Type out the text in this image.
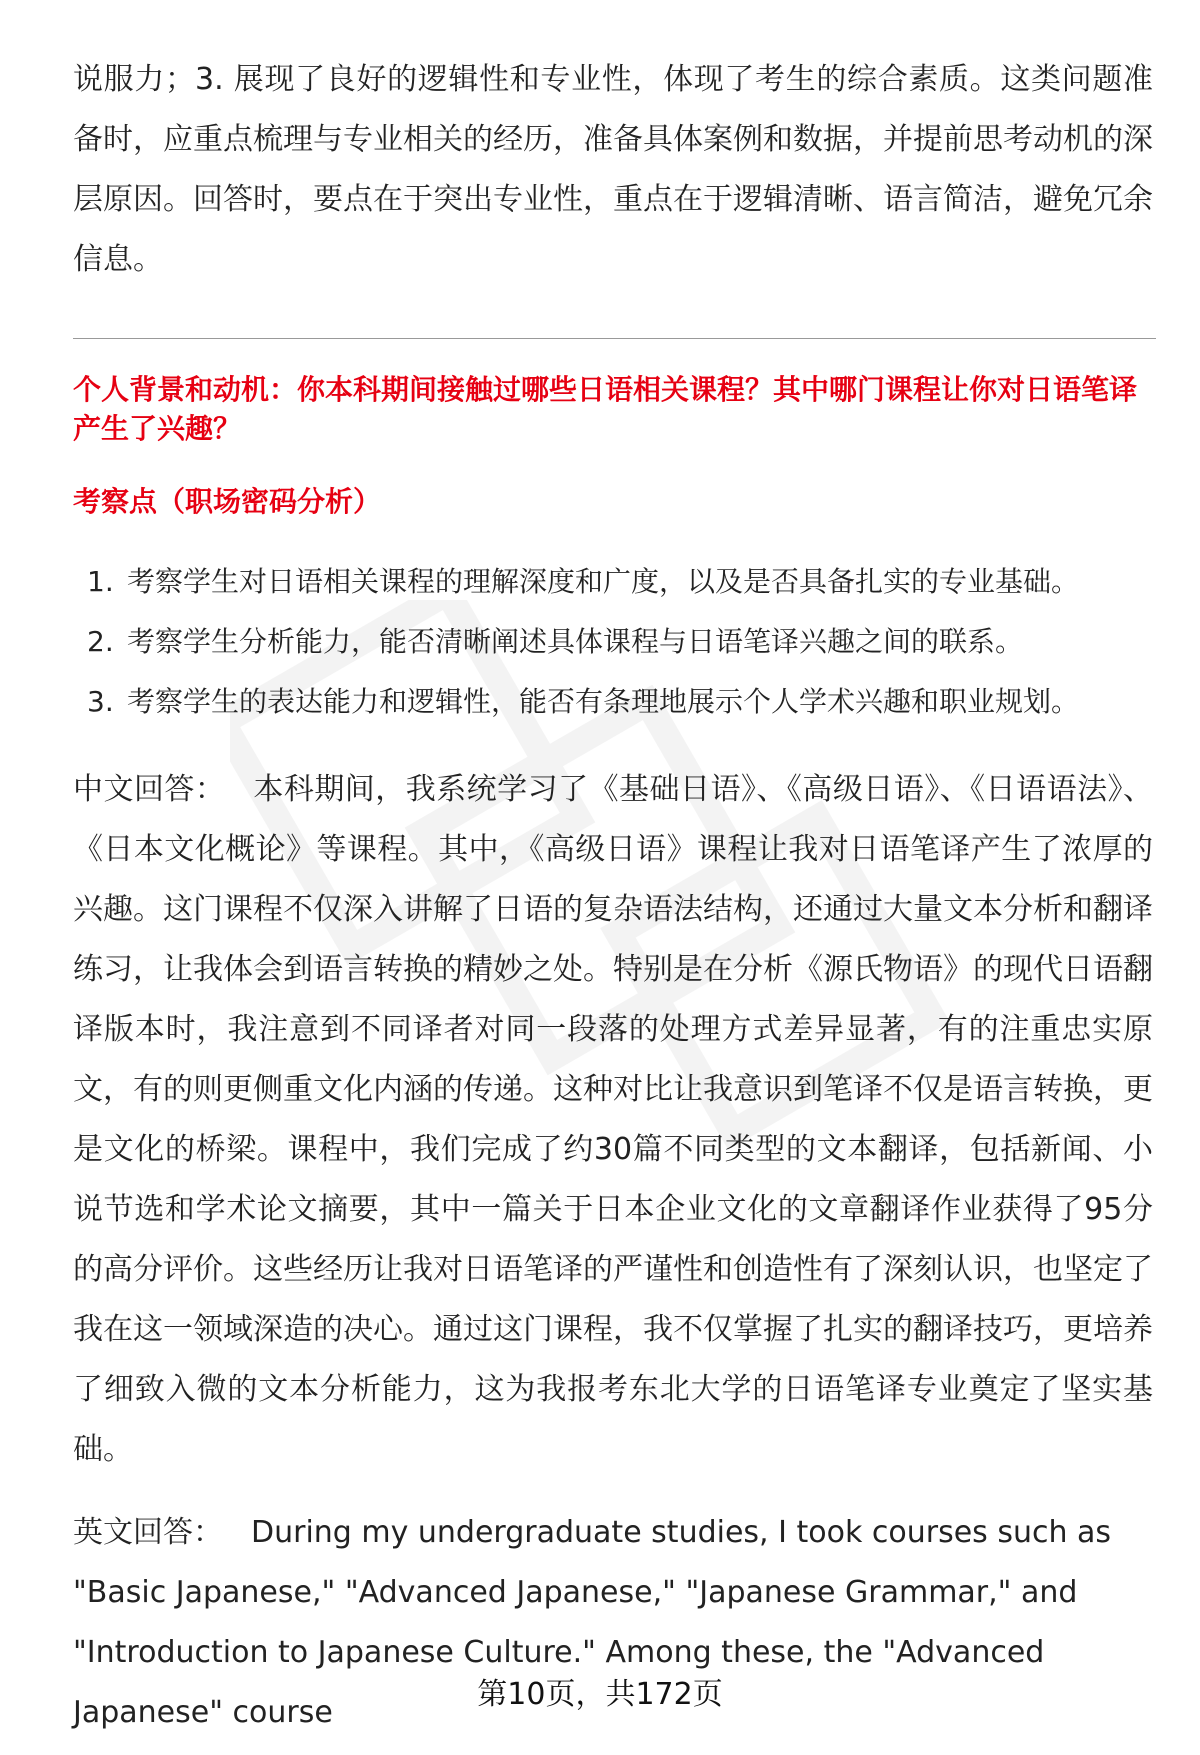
说服力；3. 展现了良好的逻辑性和专业性，体现了考生的综合素质。这类问题准备时，应重点梳理与专业相关的经历，准备具体案例和数据，并提前思考动机的深层原因。回答时，要点在于突出专业性，重点在于逻辑清晰、语言简洁，避免冗余信息。

个人背景和动机：你本科期间接触过哪些日语相关课程？其中哪门课程让你对日语笔译产生了兴趣？
考察点（职场密码分析）
1. 考察学生对日语相关课程的理解深度和广度，以及是否具备扎实的专业基础。
2. 考察学生分析能力，能否清晰阐述具体课程与日语笔译兴趣之间的联系。
3. 考察学生的表达能力和逻辑性，能否有条理地展示个人学术兴趣和职业规划。

中文回答： 本科期间，我系统学习了《基础日语》、《高级日语》、《日语语法》、《日本文化概论》等课程。其中，《高级日语》课程让我对日语笔译产生了浓厚的兴趣。这门课程不仅深入讲解了日语的复杂语法结构，还通过大量文本分析和翻译练习，让我体会到语言转换的精妙之处。特别是在分析《源氏物语》的现代日语翻译版本时，我注意到不同译者对同一段落的处理方式差异显著，有的注重忠实原文，有的则更侧重文化内涵的传递。这种对比让我意识到笔译不仅是语言转换，更是文化的桥梁。课程中，我们完成了约30篇不同类型的文本翻译，包括新闻、小说节选和学术论文摘要，其中一篇关于日本企业文化的文章翻译作业获得了95分的高分评价。这些经历让我对日语笔译的严谨性和创造性有了深刻认识，也坚定了我在这一领域深造的决心。通过这门课程，我不仅掌握了扎实的翻译技巧，更培养了细致入微的文本分析能力，这为我报考东北大学的日语笔译专业奠定了坚实基础。

英文回答： During my undergraduate studies, I took courses such as "Basic Japanese," "Advanced Japanese," "Japanese Grammar," and "Introduction to Japanese Culture." Among these, the "Advanced Japanese" course

第10页，共172页
